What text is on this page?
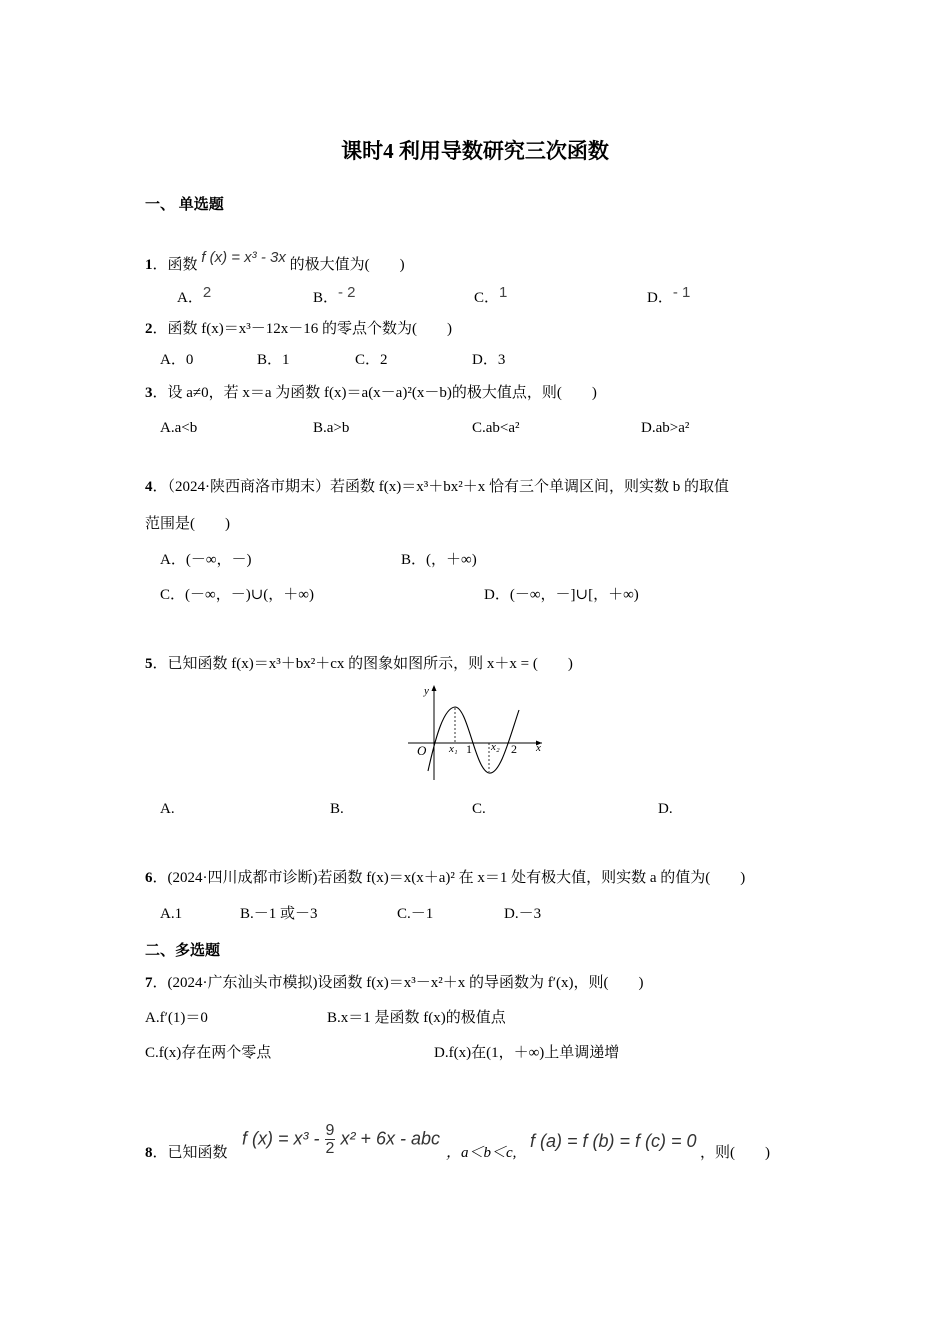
课时4 利用导数研究三次函数
一、 单选题
1．函数 f (x) = x³ - 3x 的极大值为(　　)
A．2	B．- 2	C．1	D．- 1
2．函数 f(x)＝x³－12x－16 的零点个数为(　　)
A．0	B．1	C．2	D．3
3．设 a≠0，若 x＝a 为函数 f(x)＝a(x－a)²(x－b)的极大值点，则(　　)
A.a<b	B.a>b	C.ab<a²	D.ab>a²
4．（2024·陕西商洛市期末）若函数 f(x)＝x³＋bx²＋x 恰有三个单调区间，则实数 b 的取值
范围是(　　)
A．(－∞，－)	B．(，＋∞)
C．(－∞，－)∪(，＋∞)	D．(－∞，－]∪[，＋∞)
5．已知函数 f(x)＝x³＋bx²＋cx 的图象如图所示，则 x＋x = (　　)
y
x
O x₁ 1 x₂ 2
A.	B.	C.	D.
6．(2024·四川成都市诊断)若函数 f(x)＝x(x＋a)² 在 x＝1 处有极大值，则实数 a 的值为(　　)
A.1	B.－1 或－3	C.－1	D.－3
二、多选题
7．(2024·广东汕头市模拟)设函数 f(x)＝x³－x²＋x 的导函数为 f′(x)，则(　　)
A.f′(1)＝0	B.x＝1 是函数 f(x)的极值点
C.f(x)存在两个零点	D.f(x)在(1，＋∞)上单调递增
8．已知函数
f $(x) = x^3 - \frac{9}{2} x^2 + 6x$ - abc
，a＜b＜c,
f (a) = f (b) = f (c) = 0
，则(　　)
